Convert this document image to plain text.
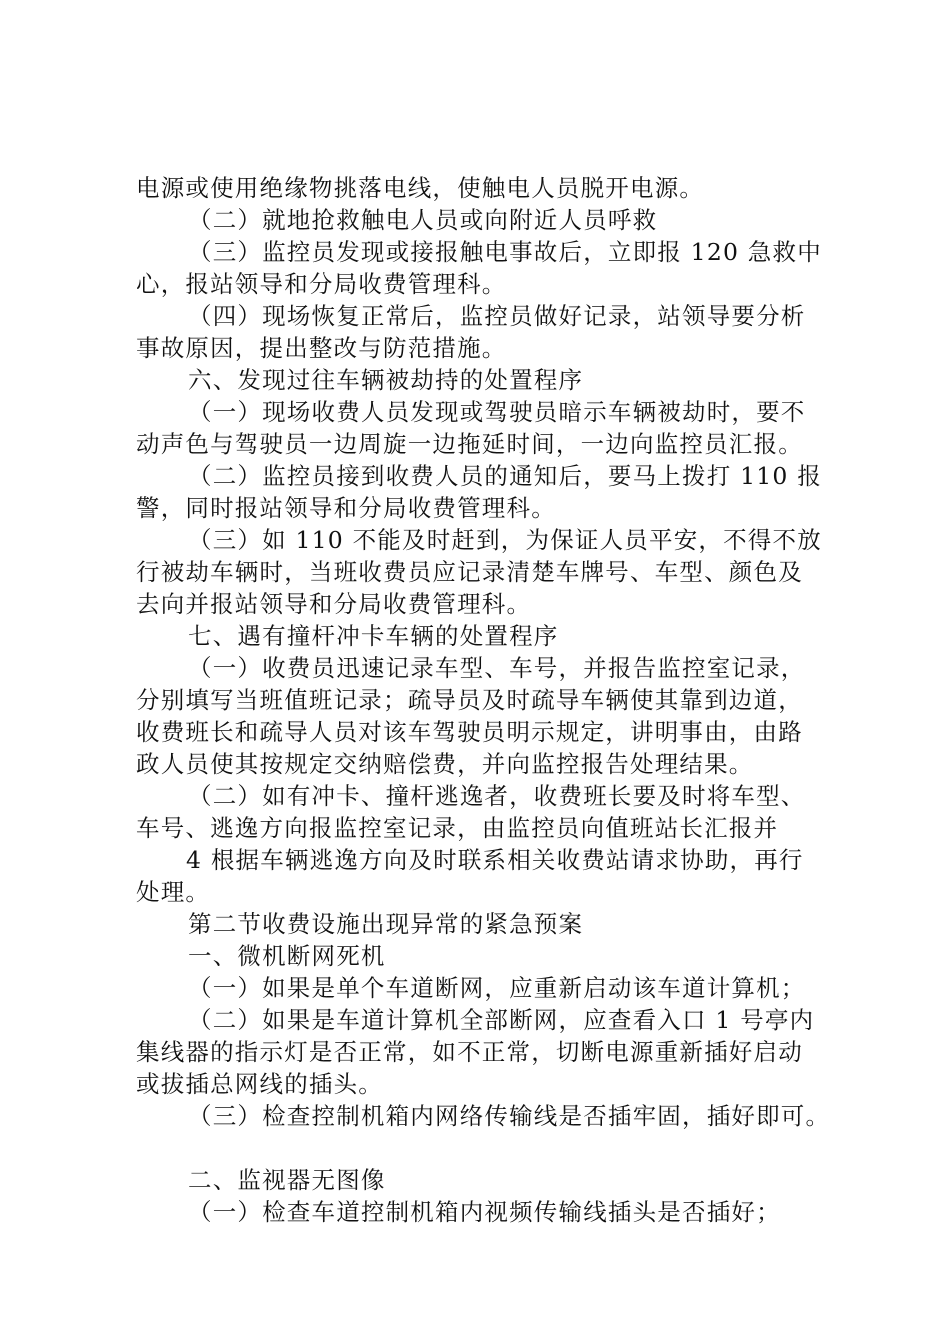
电源或使用绝缘物挑落电线，使触电人员脱开电源。
（二）就地抢救触电人员或向附近人员呼救
（三）监控员发现或接报触电事故后，立即报 120 急救中
心，报站领导和分局收费管理科。
（四）现场恢复正常后，监控员做好记录，站领导要分析
事故原因，提出整改与防范措施。
六、发现过往车辆被劫持的处置程序
（一）现场收费人员发现或驾驶员暗示车辆被劫时，要不
动声色与驾驶员一边周旋一边拖延时间，一边向监控员汇报。
（二）监控员接到收费人员的通知后，要马上拨打 110 报
警，同时报站领导和分局收费管理科。
（三）如 110 不能及时赶到，为保证人员平安，不得不放
行被劫车辆时，当班收费员应记录清楚车牌号、车型、颜色及
去向并报站领导和分局收费管理科。
七、遇有撞杆冲卡车辆的处置程序
（一）收费员迅速记录车型、车号，并报告监控室记录，
分别填写当班值班记录；疏导员及时疏导车辆使其靠到边道，
收费班长和疏导人员对该车驾驶员明示规定，讲明事由，由路
政人员使其按规定交纳赔偿费，并向监控报告处理结果。
（二）如有冲卡、撞杆逃逸者，收费班长要及时将车型、
车号、逃逸方向报监控室记录，由监控员向值班站长汇报并
4 根据车辆逃逸方向及时联系相关收费站请求协助，再行
处理。
第二节收费设施出现异常的紧急预案
一、微机断网死机
（一）如果是单个车道断网，应重新启动该车道计算机；
（二）如果是车道计算机全部断网，应查看入口 1 号亭内
集线器的指示灯是否正常，如不正常，切断电源重新插好启动
或拔插总网线的插头。
（三）检查控制机箱内网络传输线是否插牢固，插好即可。
二、监视器无图像
（一）检查车道控制机箱内视频传输线插头是否插好；
